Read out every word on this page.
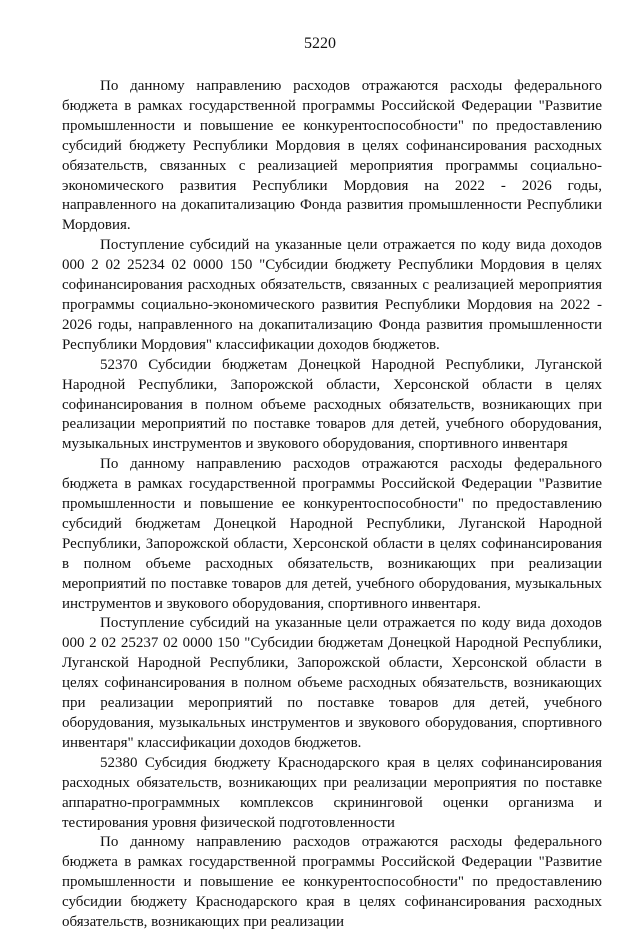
5220

По данному направлению расходов отражаются расходы федерального бюджета в рамках государственной программы Российской Федерации "Развитие промышленности и повышение ее конкурентоспособности" по предоставлению субсидий бюджету Республики Мордовия в целях софинансирования расходных обязательств, связанных с реализацией мероприятия программы социально-экономического развития Республики Мордовия на 2022 - 2026 годы, направленного на докапитализацию Фонда развития промышленности Республики Мордовия.

Поступление субсидий на указанные цели отражается по коду вида доходов 000 2 02 25234 02 0000 150 "Субсидии бюджету Республики Мордовия в целях софинансирования расходных обязательств, связанных с реализацией мероприятия программы социально-экономического развития Республики Мордовия на 2022 - 2026 годы, направленного на докапитализацию Фонда развития промышленности Республики Мордовия" классификации доходов бюджетов.

52370 Субсидии бюджетам Донецкой Народной Республики, Луганской Народной Республики, Запорожской области, Херсонской области в целях софинансирования в полном объеме расходных обязательств, возникающих при реализации мероприятий по поставке товаров для детей, учебного оборудования, музыкальных инструментов и звукового оборудования, спортивного инвентаря

По данному направлению расходов отражаются расходы федерального бюджета в рамках государственной программы Российской Федерации "Развитие промышленности и повышение ее конкурентоспособности" по предоставлению субсидий бюджетам Донецкой Народной Республики, Луганской Народной Республики, Запорожской области, Херсонской области в целях софинансирования в полном объеме расходных обязательств, возникающих при реализации мероприятий по поставке товаров для детей, учебного оборудования, музыкальных инструментов и звукового оборудования, спортивного инвентаря.

Поступление субсидий на указанные цели отражается по коду вида доходов 000 2 02 25237 02 0000 150 "Субсидии бюджетам Донецкой Народной Республики, Луганской Народной Республики, Запорожской области, Херсонской области в целях софинансирования в полном объеме расходных обязательств, возникающих при реализации мероприятий по поставке товаров для детей, учебного оборудования, музыкальных инструментов и звукового оборудования, спортивного инвентаря" классификации доходов бюджетов.

52380 Субсидия бюджету Краснодарского края в целях софинансирования расходных обязательств, возникающих при реализации мероприятия по поставке аппаратно-программных комплексов скрининговой оценки организма и тестирования уровня физической подготовленности

По данному направлению расходов отражаются расходы федерального бюджета в рамках государственной программы Российской Федерации "Развитие промышленности и повышение ее конкурентоспособности" по предоставлению субсидии бюджету Краснодарского края в целях софинансирования расходных обязательств, возникающих при реализации
